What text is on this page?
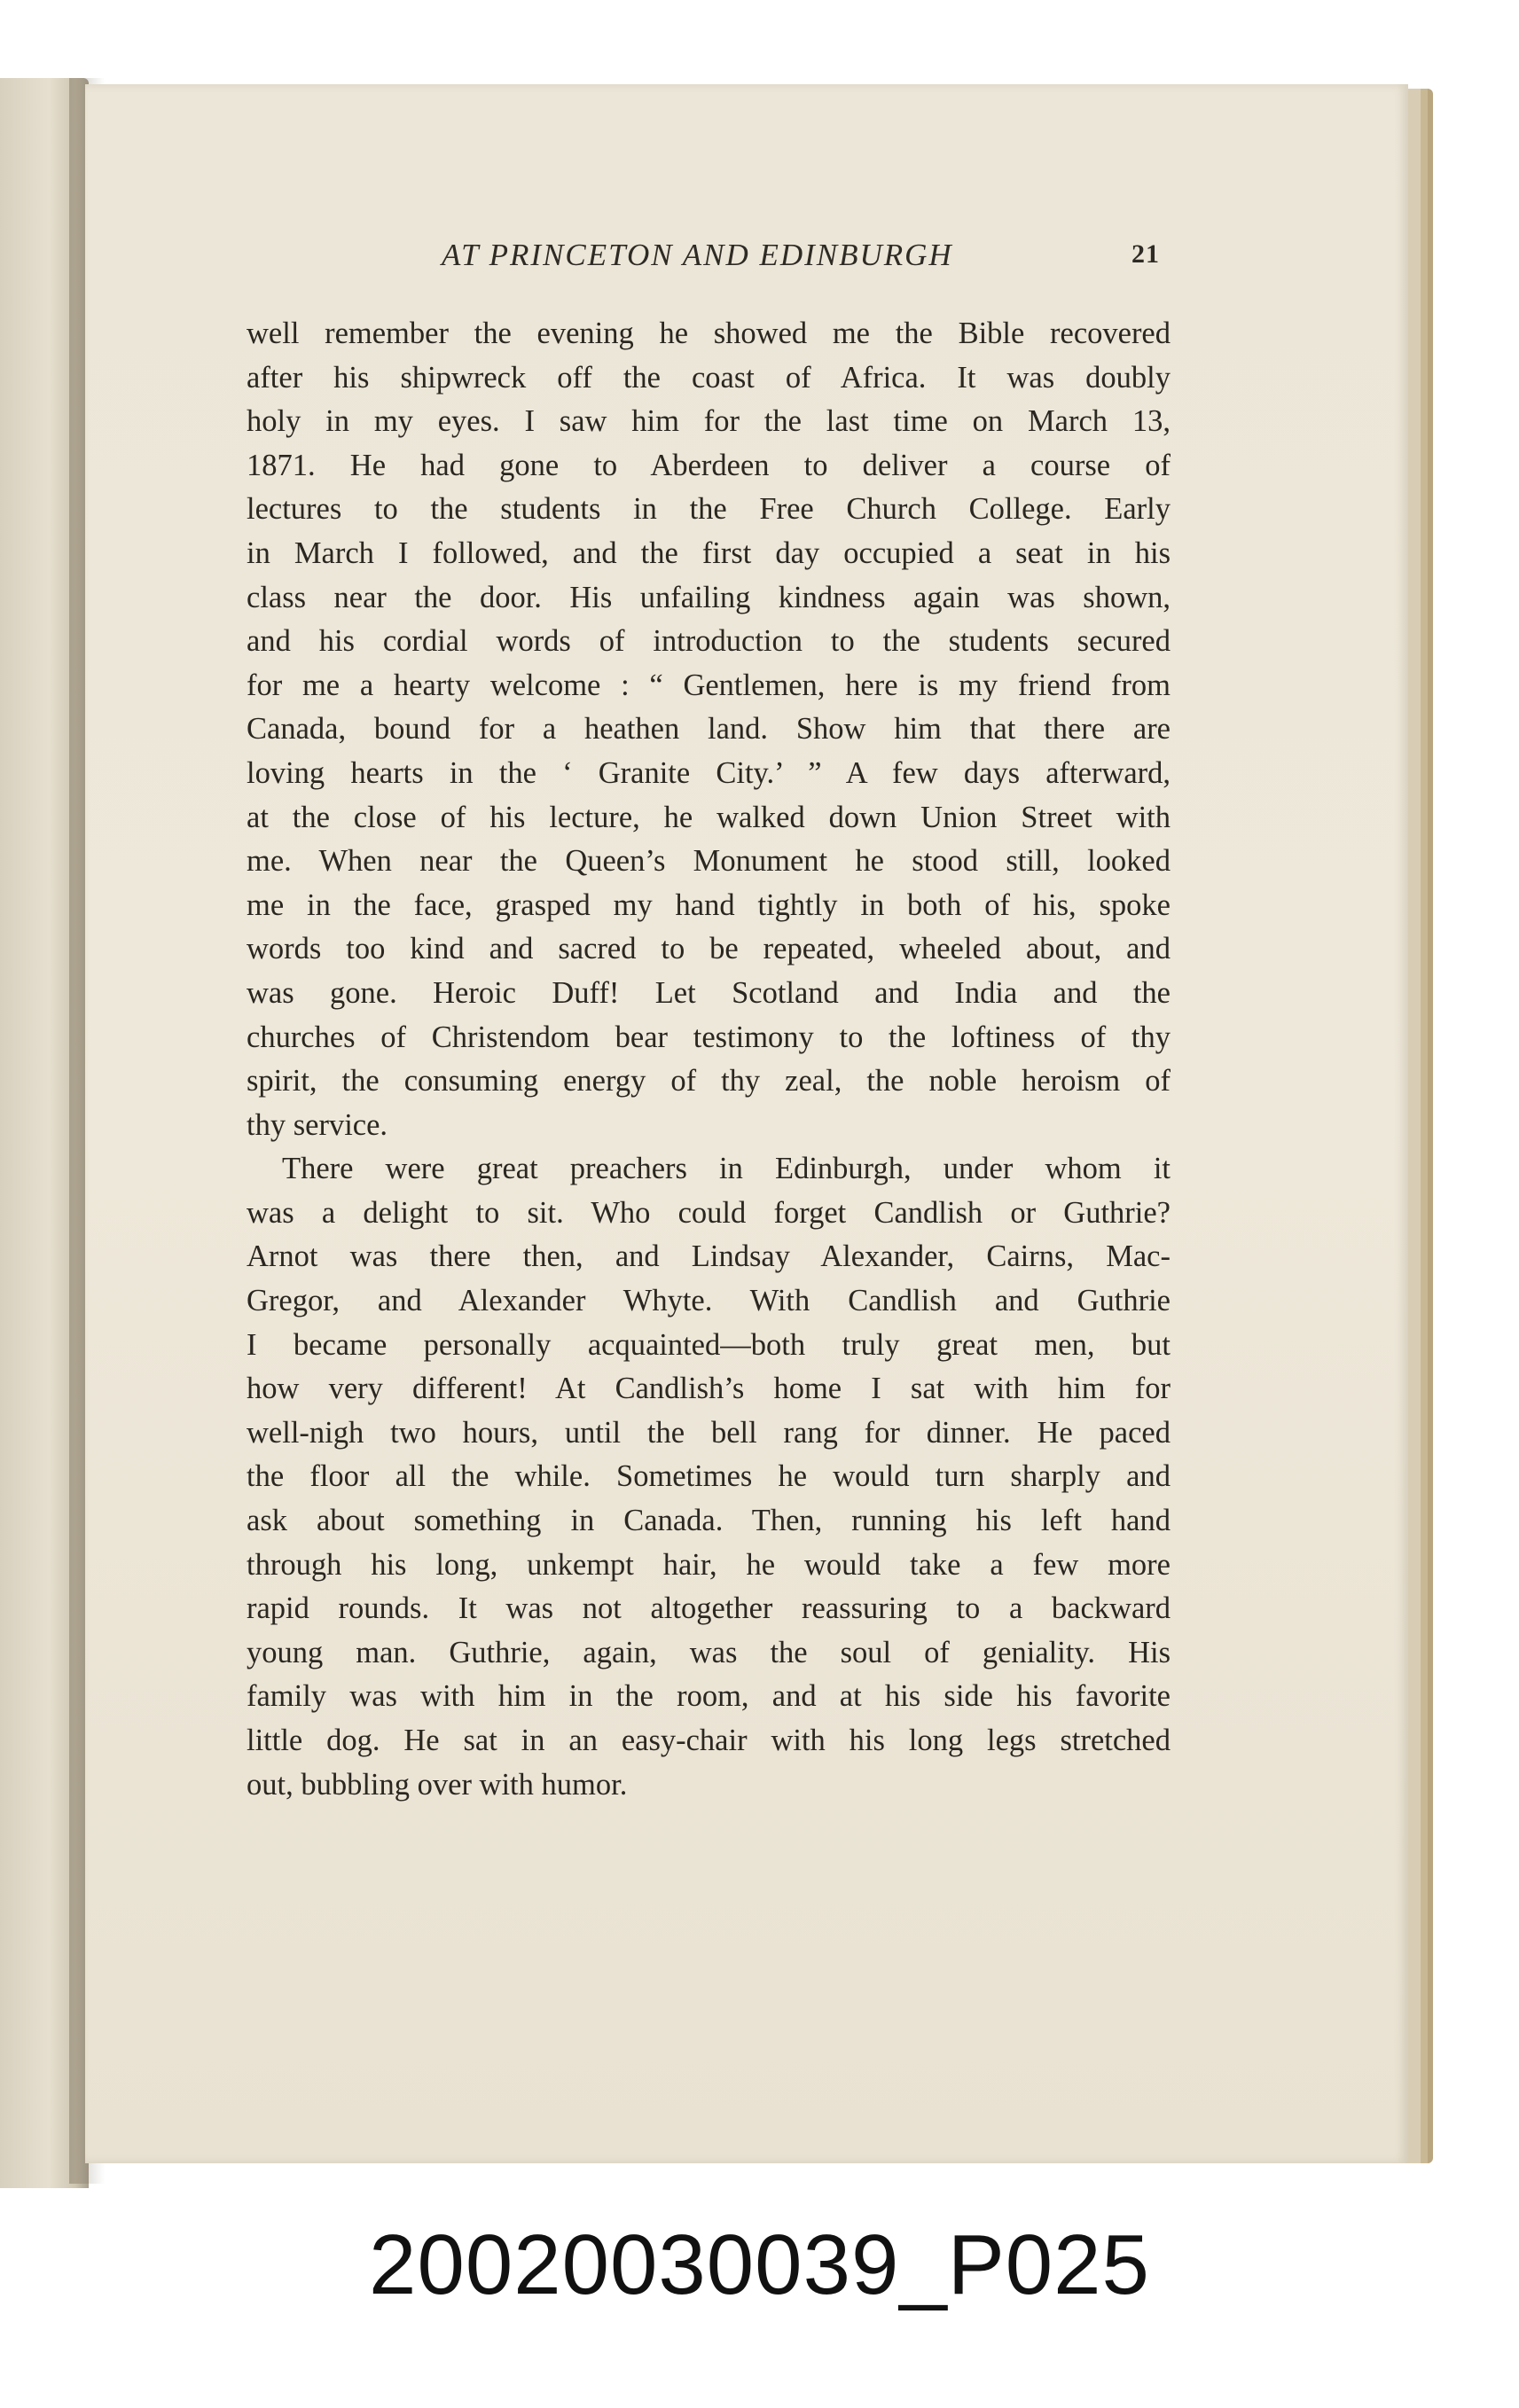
AT PRINCETON AND EDINBURGH	21

well remember the evening he showed me the Bible recovered
after his shipwreck off the coast of Africa. It was doubly
holy in my eyes. I saw him for the last time on March 13,
1871. He had gone to Aberdeen to deliver a course of
lectures to the students in the Free Church College. Early
in March I followed, and the first day occupied a seat in his
class near the door. His unfailing kindness again was shown,
and his cordial words of introduction to the students secured
for me a hearty welcome : “ Gentlemen, here is my friend from
Canada, bound for a heathen land. Show him that there are
loving hearts in the ‘ Granite City.’ ” A few days afterward,
at the close of his lecture, he walked down Union Street with
me. When near the Queen’s Monument he stood still, looked
me in the face, grasped my hand tightly in both of his, spoke
words too kind and sacred to be repeated, wheeled about, and
was gone. Heroic Duff! Let Scotland and India and the
churches of Christendom bear testimony to the loftiness of thy
spirit, the consuming energy of thy zeal, the noble heroism of
thy service.

There were great preachers in Edinburgh, under whom it
was a delight to sit. Who could forget Candlish or Guthrie?
Arnot was there then, and Lindsay Alexander, Cairns, Mac-
Gregor, and Alexander Whyte. With Candlish and Guthrie
I became personally acquainted—both truly great men, but
how very different! At Candlish’s home I sat with him for
well-nigh two hours, until the bell rang for dinner. He paced
the floor all the while. Sometimes he would turn sharply and
ask about something in Canada. Then, running his left hand
through his long, unkempt hair, he would take a few more
rapid rounds. It was not altogether reassuring to a backward
young man. Guthrie, again, was the soul of geniality. His
family was with him in the room, and at his side his favorite
little dog. He sat in an easy-chair with his long legs stretched
out, bubbling over with humor.

20020030039_P025
